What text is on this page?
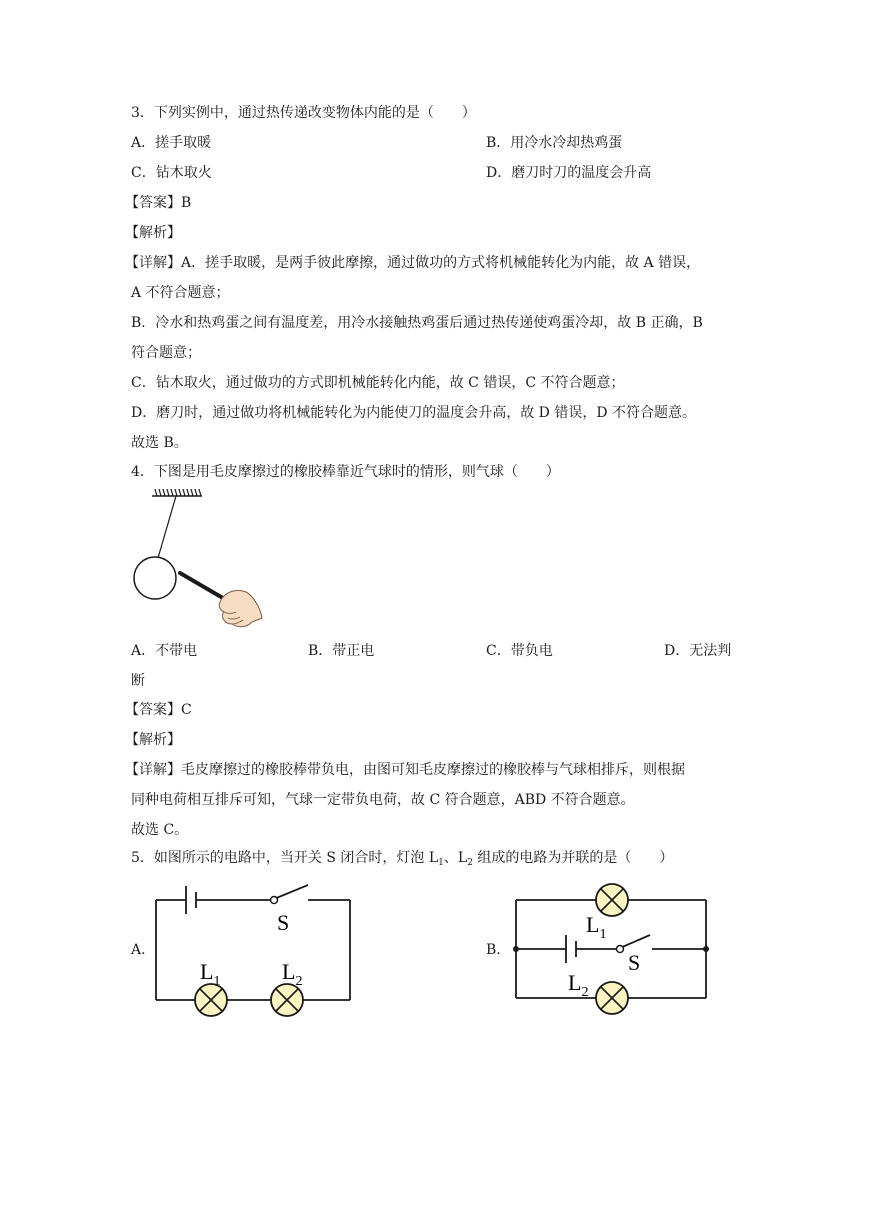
3．下列实例中，通过热传递改变物体内能的是（　　）
A．搓手取暖	B．用冷水冷却热鸡蛋
C．钻木取火	D．磨刀时刀的温度会升高
【答案】B
【解析】
【详解】A．搓手取暖，是两手彼此摩擦，通过做功的方式将机械能转化为内能，故 A 错误，
A 不符合题意；
B．冷水和热鸡蛋之间有温度差，用冷水接触热鸡蛋后通过热传递使鸡蛋冷却，故 B 正确，B
符合题意；
C．钻木取火，通过做功的方式即机械能转化内能，故 C 错误，C 不符合题意；
D．磨刀时，通过做功将机械能转化为内能使刀的温度会升高，故 D 错误，D 不符合题意。
故选 B。
4．下图是用毛皮摩擦过的橡胶棒靠近气球时的情形，则气球（　　）
A．不带电	B．带正电	C．带负电	D．无法判
断
【答案】C
【解析】
【详解】毛皮摩擦过的橡胶棒带负电，由图可知毛皮摩擦过的橡胶棒与气球相排斥，则根据
同种电荷相互排斥可知，气球一定带负电荷，故 C 符合题意，ABD 不符合题意。
故选 C。
5．如图所示的电路中，当开关 S 闭合时，灯泡 $L_1$、$L_2$ 组成的电路为并联的是（　　）
A.
S
$L_1$	$L_2$
B.
$L_1$
S
$L_2$
